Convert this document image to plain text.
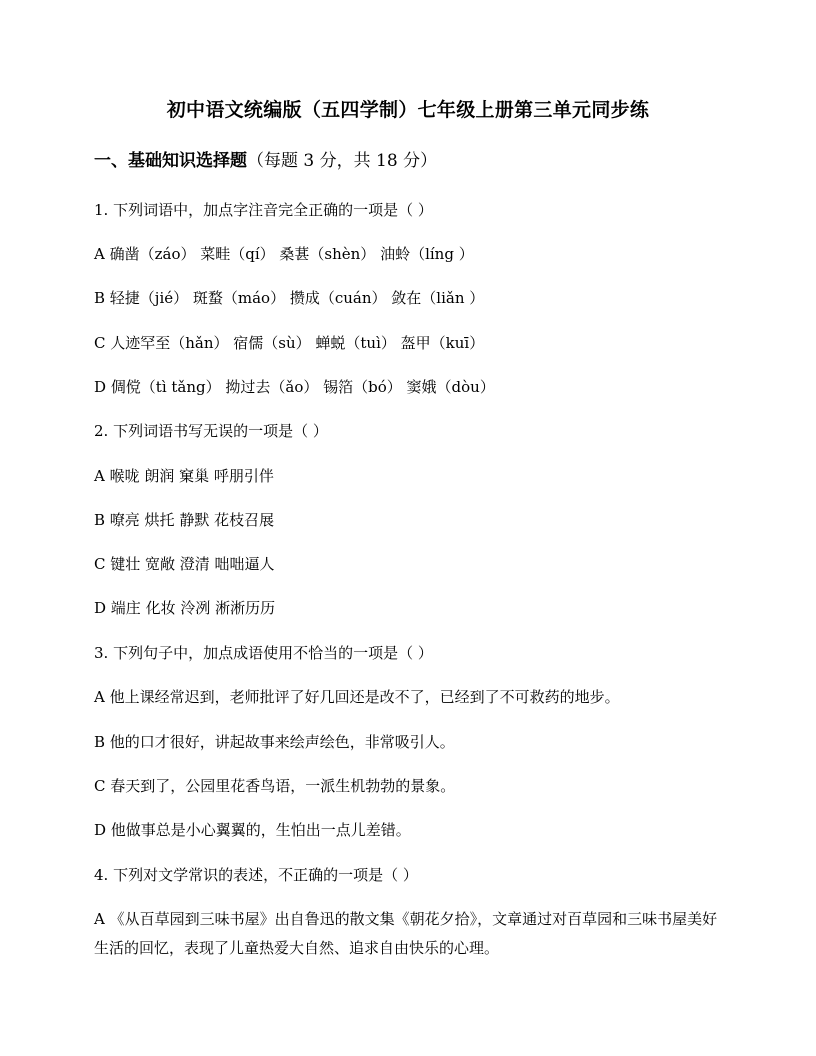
初中语文统编版（五四学制）七年级上册第三单元同步练
一、基础知识选择题（每题 3 分，共 18 分）
1. 下列词语中，加点字注音完全正确的一项是（ ）
A 确凿（záo） 菜畦（qí） 桑葚（shèn） 油蛉（líng ）
B 轻捷（jié） 斑蝥（máo） 攒成（cuán） 敛在（liǎn ）
C 人迹罕至（hǎn） 宿儒（sù） 蝉蜕（tuì） 盔甲（kuī）
D 倜傥（tì tǎng） 拗过去（ǎo） 锡箔（bó） 窦娥（dòu）
2. 下列词语书写无误的一项是（ ）
A 喉咙 朗润 窠巢 呼朋引伴
B 嘹亮 烘托 静默 花枝召展
C 键壮 宽敞 澄清 咄咄逼人
D 端庄 化妆 泠冽 淅淅历历
3. 下列句子中，加点成语使用不恰当的一项是（ ）
A 他上课经常迟到，老师批评了好几回还是改不了，已经到了不可救药的地步。
B 他的口才很好，讲起故事来绘声绘色，非常吸引人。
C 春天到了，公园里花香鸟语，一派生机勃勃的景象。
D 他做事总是小心翼翼的，生怕出一点儿差错。
4. 下列对文学常识的表述，不正确的一项是（ ）
A 《从百草园到三味书屋》出自鲁迅的散文集《朝花夕拾》，文章通过对百草园和三味书屋美好生活的回忆，表现了儿童热爱大自然、追求自由快乐的心理。
